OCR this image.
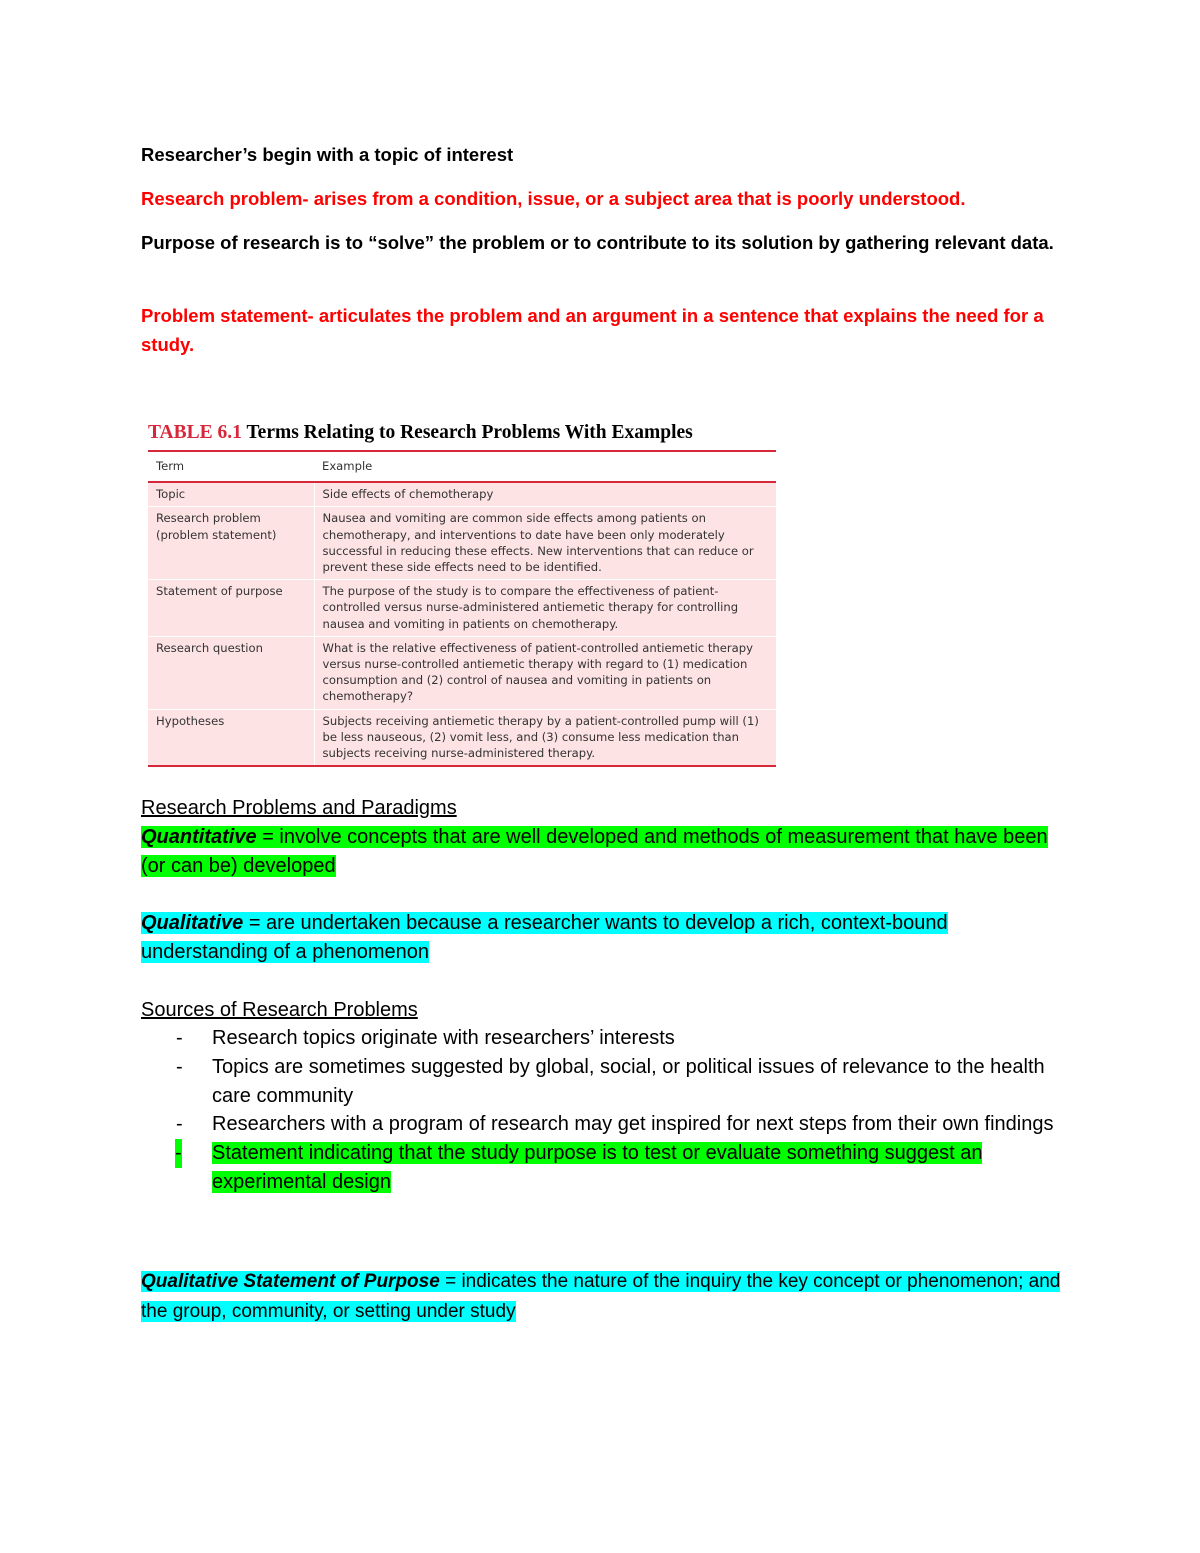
Researcher’s begin with a topic of interest

Research problem- arises from a condition, issue, or a subject area that is poorly understood.

Purpose of research is to “solve” the problem or to contribute to its solution by gathering relevant data.

Problem statement- articulates the problem and an argument in a sentence that explains the need for a study.

TABLE 6.1 Terms Relating to Research Problems With Examples
Term	Example
Topic	Side effects of chemotherapy
Research problem (problem statement)	Nausea and vomiting are common side effects among patients on chemotherapy, and interventions to date have been only moderately successful in reducing these effects. New interventions that can reduce or prevent these side effects need to be identified.
Statement of purpose	The purpose of the study is to compare the effectiveness of patient-controlled versus nurse-administered antiemetic therapy for controlling nausea and vomiting in patients on chemotherapy.
Research question	What is the relative effectiveness of patient-controlled antiemetic therapy versus nurse-controlled antiemetic therapy with regard to (1) medication consumption and (2) control of nausea and vomiting in patients on chemotherapy?
Hypotheses	Subjects receiving antiemetic therapy by a patient-controlled pump will (1) be less nauseous, (2) vomit less, and (3) consume less medication than subjects receiving nurse-administered therapy.
Research Problems and Paradigms

Quantitative = involve concepts that are well developed and methods of measurement that have been (or can be) developed

Qualitative = are undertaken because a researcher wants to develop a rich, context-bound understanding of a phenomenon

Sources of Research Problems
- Research topics originate with researchers’ interests
- Topics are sometimes suggested by global, social, or political issues of relevance to the health care community
- Researchers with a program of research may get inspired for next steps from their own findings
- Statement indicating that the study purpose is to test or evaluate something suggest an experimental design

Qualitative Statement of Purpose = indicates the nature of the inquiry the key concept or phenomenon; and the group, community, or setting under study
